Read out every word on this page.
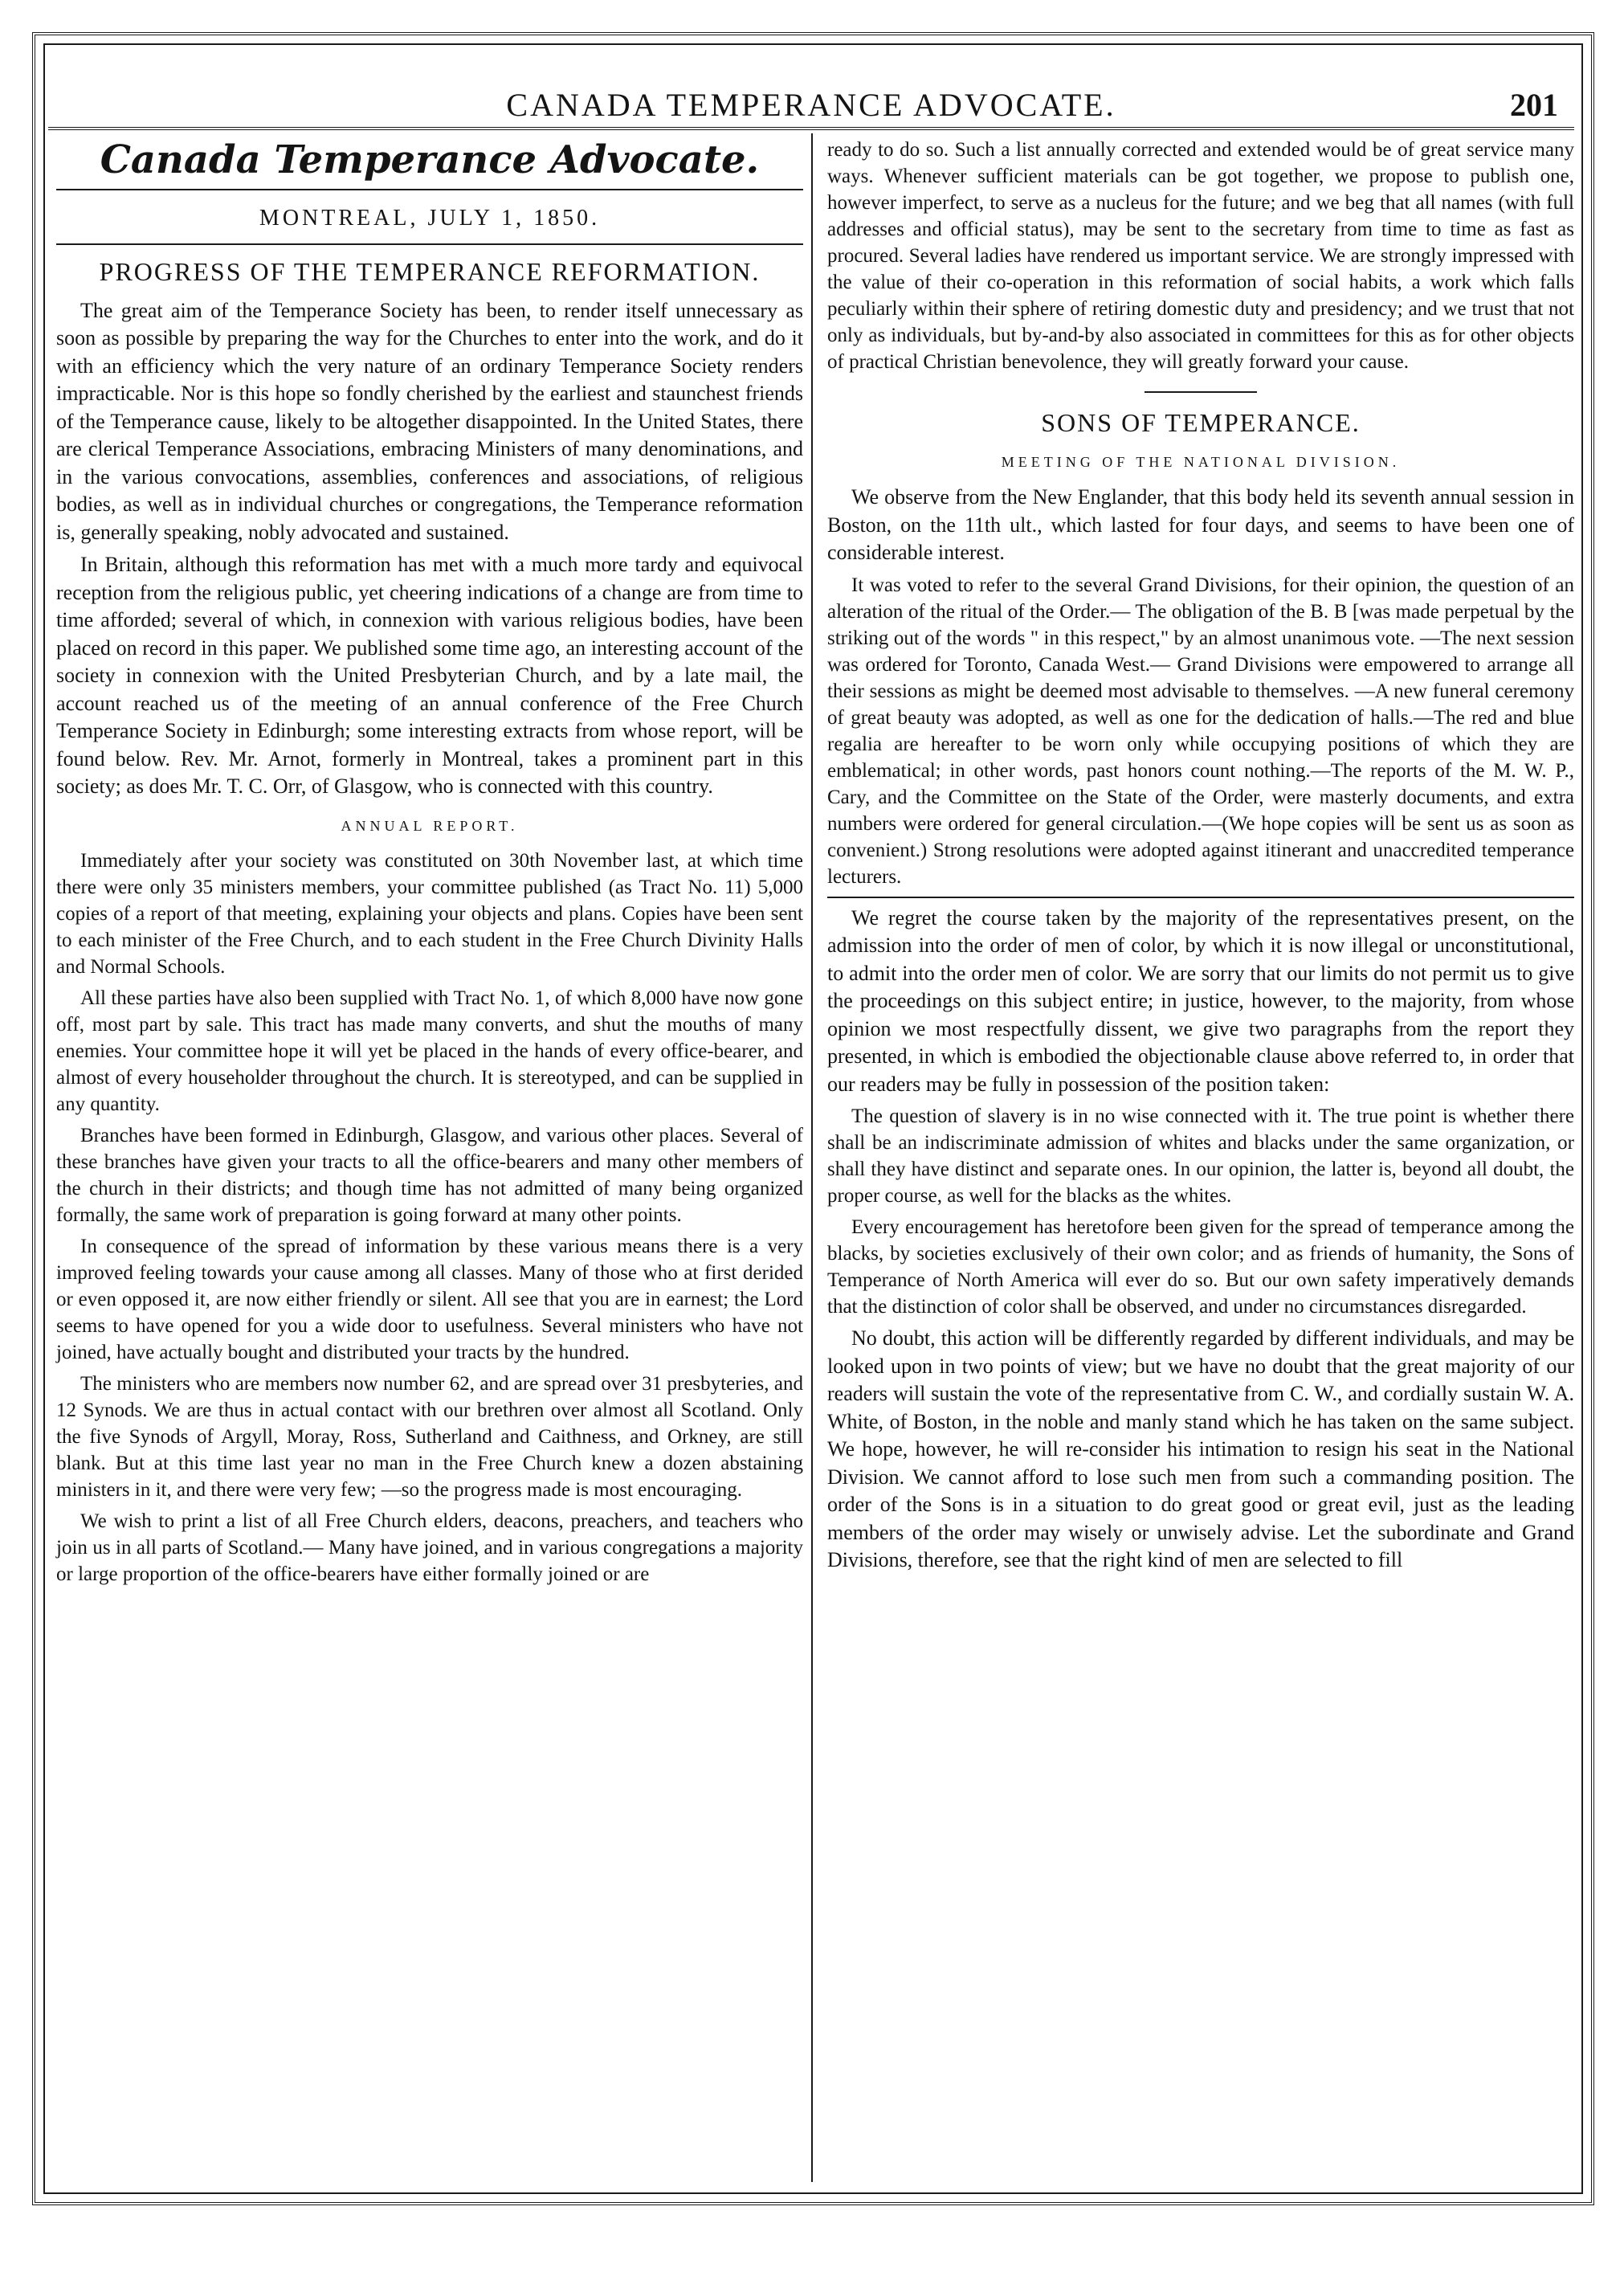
CANADA TEMPERANCE ADVOCATE.	201
Canada Temperance Advocate.
MONTREAL, JULY 1, 1850.
PROGRESS OF THE TEMPERANCE REFORMATION.

The great aim of the Temperance Society has been, to render itself unnecessary as soon as possible by preparing the way for the Churches to enter into the work, and do it with an efficiency which the very nature of an ordinary Temperance Society renders impracticable. Nor is this hope so fondly cherished by the earliest and staunchest friends of the Temperance cause, likely to be altogether disappointed. In the United States, there are clerical Temperance Associations, embracing Ministers of many denominations, and in the various convocations, assemblies, conferences and associations, of religious bodies, as well as in individual churches or congregations, the Temperance reformation is, generally speaking, nobly advocated and sustained.

In Britain, although this reformation has met with a much more tardy and equivocal reception from the religious public, yet cheering indications of a change are from time to time afforded; several of which, in connexion with various religious bodies, have been placed on record in this paper. We published some time ago, an interesting account of the society in connexion with the United Presbyterian Church, and by a late mail, the account reached us of the meeting of an annual conference of the Free Church Temperance Society in Edinburgh; some interesting extracts from whose report, will be found below. Rev. Mr. Arnot, formerly in Montreal, takes a prominent part in this society; as does Mr. T. C. Orr, of Glasgow, who is connected with this country.

ANNUAL REPORT.

Immediately after your society was constituted on 30th November last, at which time there were only 35 ministers members, your committee published (as Tract No. 11) 5,000 copies of a report of that meeting, explaining your objects and plans. Copies have been sent to each minister of the Free Church, and to each student in the Free Church Divinity Halls and Normal Schools.

All these parties have also been supplied with Tract No. 1, of which 8,000 have now gone off, most part by sale. This tract has made many converts, and shut the mouths of many enemies. Your committee hope it will yet be placed in the hands of every office-bearer, and almost of every householder throughout the church. It is stereotyped, and can be supplied in any quantity.

Branches have been formed in Edinburgh, Glasgow, and various other places. Several of these branches have given your tracts to all the office-bearers and many other members of the church in their districts; and though time has not admitted of many being organized formally, the same work of preparation is going forward at many other points.

In consequence of the spread of information by these various means there is a very improved feeling towards your cause among all classes. Many of those who at first derided or even opposed it, are now either friendly or silent. All see that you are in earnest; the Lord seems to have opened for you a wide door to usefulness. Several ministers who have not joined, have actually bought and distributed your tracts by the hundred.

The ministers who are members now number 62, and are spread over 31 presbyteries, and 12 Synods. We are thus in actual contact with our brethren over almost all Scotland. Only the five Synods of Argyll, Moray, Ross, Sutherland and Caithness, and Orkney, are still blank. But at this time last year no man in the Free Church knew a dozen abstaining ministers in it, and there were very few; —so the progress made is most encouraging.

We wish to print a list of all Free Church elders, deacons, preachers, and teachers who join us in all parts of Scotland.— Many have joined, and in various congregations a majority or large proportion of the office-bearers have either formally joined or are

ready to do so. Such a list annually corrected and extended would be of great service many ways. Whenever sufficient materials can be got together, we propose to publish one, however imperfect, to serve as a nucleus for the future; and we beg that all names (with full addresses and official status), may be sent to the secretary from time to time as fast as procured. Several ladies have rendered us important service. We are strongly impressed with the value of their co-operation in this reformation of social habits, a work which falls peculiarly within their sphere of retiring domestic duty and presidency; and we trust that not only as individuals, but by-and-by also associated in committees for this as for other objects of practical Christian benevolence, they will greatly forward your cause.

SONS OF TEMPERANCE.
MEETING OF THE NATIONAL DIVISION.

We observe from the New Englander, that this body held its seventh annual session in Boston, on the 11th ult., which lasted for four days, and seems to have been one of considerable interest.

It was voted to refer to the several Grand Divisions, for their opinion, the question of an alteration of the ritual of the Order.— The obligation of the B. B [was made perpetual by the striking out of the words " in this respect," by an almost unanimous vote. —The next session was ordered for Toronto, Canada West.— Grand Divisions were empowered to arrange all their sessions as might be deemed most advisable to themselves. —A new funeral ceremony of great beauty was adopted, as well as one for the dedication of halls.—The red and blue regalia are hereafter to be worn only while occupying positions of which they are emblematical; in other words, past honors count nothing.—The reports of the M. W. P., Cary, and the Committee on the State of the Order, were masterly documents, and extra numbers were ordered for general circulation.—(We hope copies will be sent us as soon as convenient.) Strong resolutions were adopted against itinerant and unaccredited temperance lecturers.

We regret the course taken by the majority of the representatives present, on the admission into the order of men of color, by which it is now illegal or unconstitutional, to admit into the order men of color. We are sorry that our limits do not permit us to give the proceedings on this subject entire; in justice, however, to the majority, from whose opinion we most respectfully dissent, we give two paragraphs from the report they presented, in which is embodied the objectionable clause above referred to, in order that our readers may be fully in possession of the position taken:

The question of slavery is in no wise connected with it. The true point is whether there shall be an indiscriminate admission of whites and blacks under the same organization, or shall they have distinct and separate ones. In our opinion, the latter is, beyond all doubt, the proper course, as well for the blacks as the whites.

Every encouragement has heretofore been given for the spread of temperance among the blacks, by societies exclusively of their own color; and as friends of humanity, the Sons of Temperance of North America will ever do so. But our own safety imperatively demands that the distinction of color shall be observed, and under no circumstances disregarded.

No doubt, this action will be differently regarded by different individuals, and may be looked upon in two points of view; but we have no doubt that the great majority of our readers will sustain the vote of the representative from C. W., and cordially sustain W. A. White, of Boston, in the noble and manly stand which he has taken on the same subject. We hope, however, he will re-consider his intimation to resign his seat in the National Division. We cannot afford to lose such men from such a commanding position. The order of the Sons is in a situation to do great good or great evil, just as the leading members of the order may wisely or unwisely advise. Let the subordinate and Grand Divisions, therefore, see that the right kind of men are selected to fill
